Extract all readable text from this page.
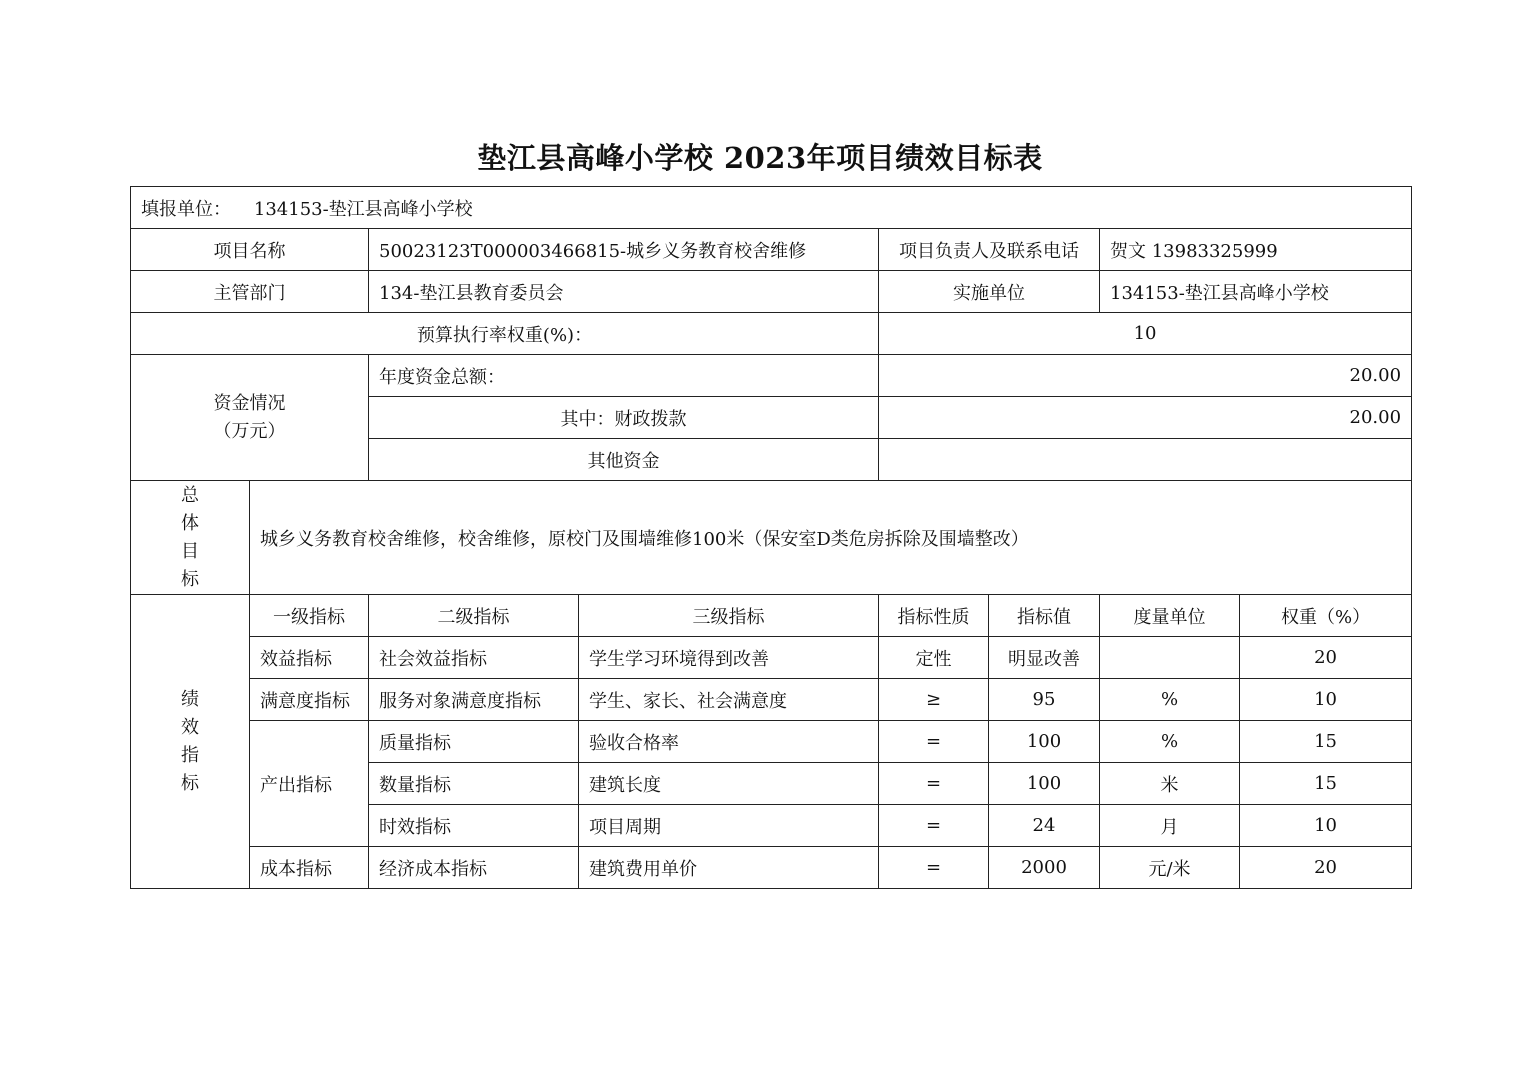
垫江县高峰小学校 2023年项目绩效目标表
填报单位： 134153-垫江县高峰小学校							
项目名称		50023123T000003466815-城乡义务教育校舍维修		项目负责人及联系电话		贺文 13983325999	
主管部门		134-垫江县教育委员会		实施单位		134153-垫江县高峰小学校	
预算执行率权重(%)：				10			
资金情况
（万元）		年度资金总额：		20.00			
		其中：财政拨款		20.00			
		其他资金					

总
体
目
标	城乡义务教育校舍维修，校舍维修，原校门及围墙维修100米（保安室D类危房拆除及围墙整改）						

绩
效
指
标	一级指标	二级指标	三级指标	指标性质	指标值	度量单位	权重（%）
	效益指标	社会效益指标	学生学习环境得到改善	定性	明显改善		20
	满意度指标	服务对象满意度指标	学生、家长、社会满意度	≥	95	%	10
	产出指标	质量指标	验收合格率	=	100	%	15
		数量指标	建筑长度	=	100	米	15
		时效指标	项目周期	=	24	月	10
	成本指标	经济成本指标	建筑费用单价	=	2000	元/米	20
